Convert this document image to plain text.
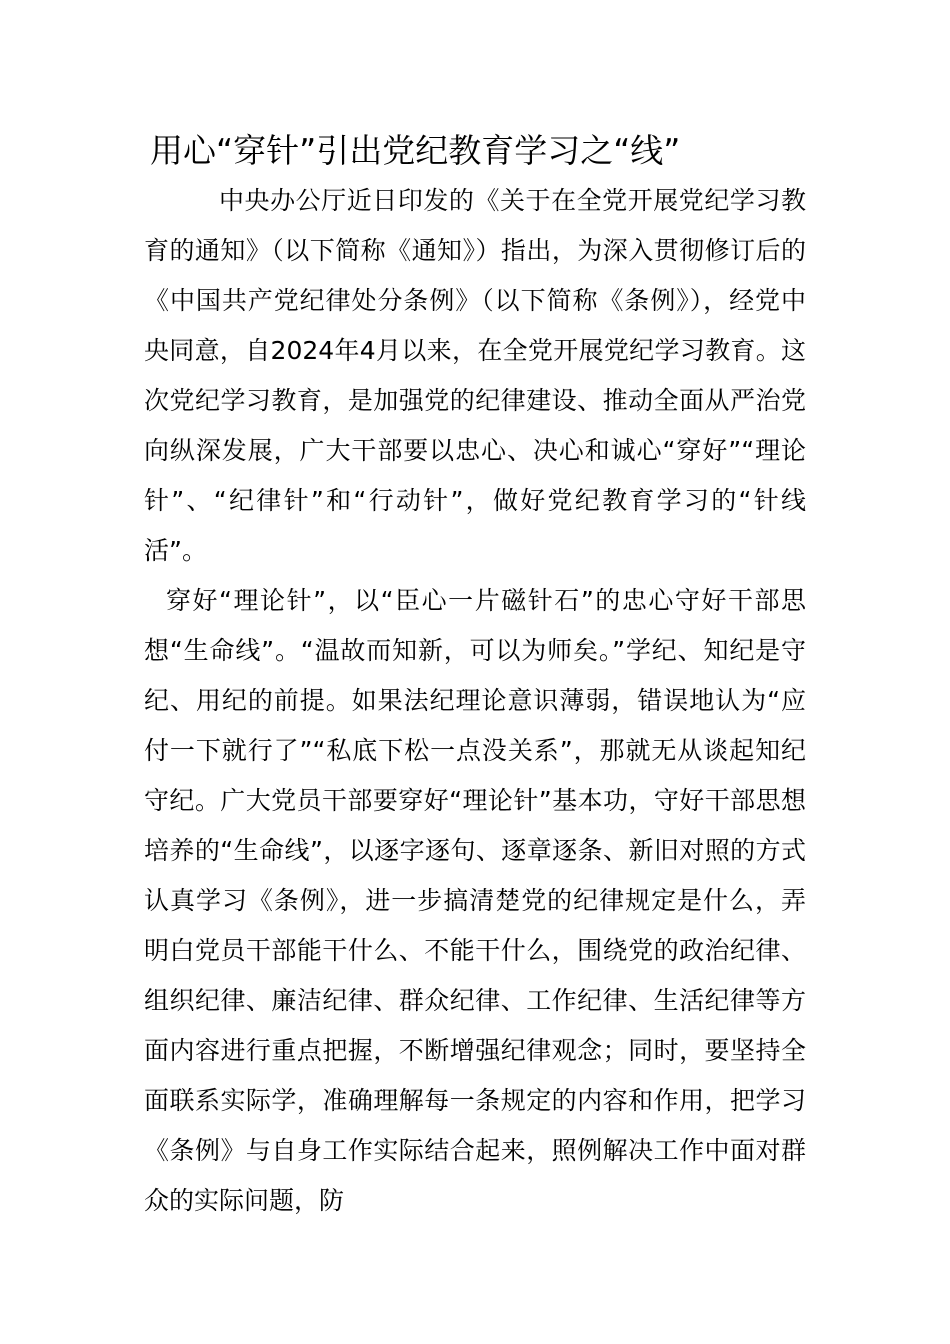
用心“穿针”引出党纪教育学习之“线”

中央办公厅近日印发的《关于在全党开展党纪学习教育的通知》（以下简称《通知》）指出，为深入贯彻修订后的《中国共产党纪律处分条例》（以下简称《条例》），经党中央同意，自2024年4月以来，在全党开展党纪学习教育。这次党纪学习教育，是加强党的纪律建设、推动全面从严治党向纵深发展，广大干部要以忠心、决心和诚心“穿好”“理论针”、“纪律针”和“行动针”，做好党纪教育学习的“针线活”。

穿好“理论针”，以“臣心一片磁针石”的忠心守好干部思想“生命线”。“温故而知新，可以为师矣。”学纪、知纪是守纪、用纪的前提。如果法纪理论意识薄弱，错误地认为“应付一下就行了”“私底下松一点没关系”，那就无从谈起知纪守纪。广大党员干部要穿好“理论针”基本功，守好干部思想培养的“生命线”，以逐字逐句、逐章逐条、新旧对照的方式认真学习《条例》，进一步搞清楚党的纪律规定是什么，弄明白党员干部能干什么、不能干什么，围绕党的政治纪律、组织纪律、廉洁纪律、群众纪律、工作纪律、生活纪律等方面内容进行重点把握，不断增强纪律观念；同时，要坚持全面联系实际学，准确理解每一条规定的内容和作用，把学习《条例》与自身工作实际结合起来，照例解决工作中面对群众的实际问题，防
